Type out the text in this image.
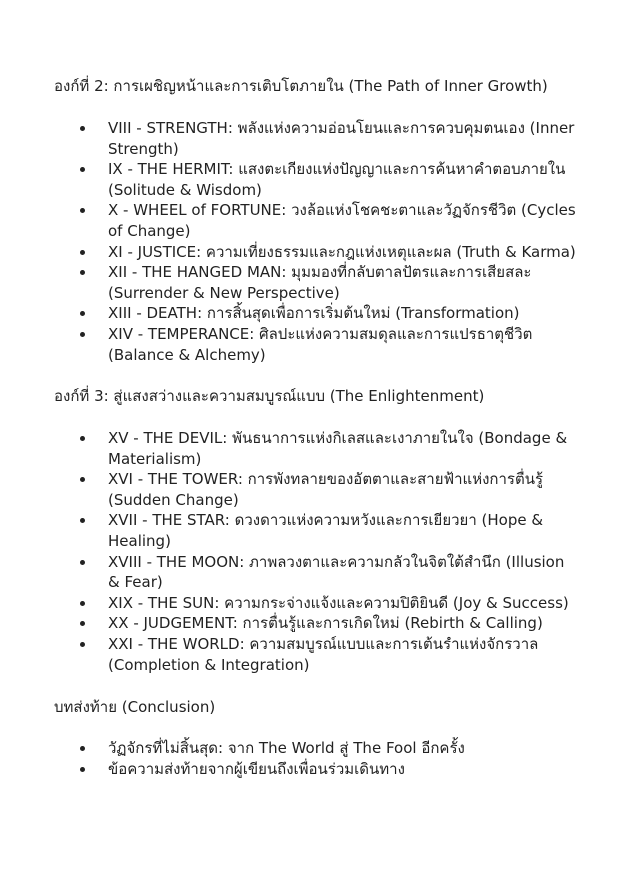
องก์ที่ 2: การเผชิญหน้าและการเติบโตภายใน (The Path of Inner Growth)
VIII - STRENGTH: พลังแห่งความอ่อนโยนและการควบคุมตนเอง (Inner Strength)
IX - THE HERMIT: แสงตะเกียงแห่งปัญญาและการค้นหาคำตอบภายใน (Solitude & Wisdom)
X - WHEEL of FORTUNE: วงล้อแห่งโชคชะตาและวัฏจักรชีวิต (Cycles of Change)
XI - JUSTICE: ความเที่ยงธรรมและกฎแห่งเหตุและผล (Truth & Karma)
XII - THE HANGED MAN: มุมมองที่กลับตาลปัตรและการเสียสละ (Surrender & New Perspective)
XIII - DEATH: การสิ้นสุดเพื่อการเริ่มต้นใหม่ (Transformation)
XIV - TEMPERANCE: ศิลปะแห่งความสมดุลและการแปรธาตุชีวิต (Balance & Alchemy)
องก์ที่ 3: สู่แสงสว่างและความสมบูรณ์แบบ (The Enlightenment)
XV - THE DEVIL: พันธนาการแห่งกิเลสและเงาภายในใจ (Bondage & Materialism)
XVI - THE TOWER: การพังทลายของอัตตาและสายฟ้าแห่งการตื่นรู้ (Sudden Change)
XVII - THE STAR: ดวงดาวแห่งความหวังและการเยียวยา (Hope & Healing)
XVIII - THE MOON: ภาพลวงตาและความกลัวในจิตใต้สำนึก (Illusion & Fear)
XIX - THE SUN: ความกระจ่างแจ้งและความปิติยินดี (Joy & Success)
XX - JUDGEMENT: การตื่นรู้และการเกิดใหม่ (Rebirth & Calling)
XXI - THE WORLD: ความสมบูรณ์แบบและการเต้นรำแห่งจักรวาล (Completion & Integration)
บทส่งท้าย (Conclusion)
วัฏจักรที่ไม่สิ้นสุด: จาก The World สู่ The Fool อีกครั้ง
ข้อความส่งท้ายจากผู้เขียนถึงเพื่อนร่วมเดินทาง
